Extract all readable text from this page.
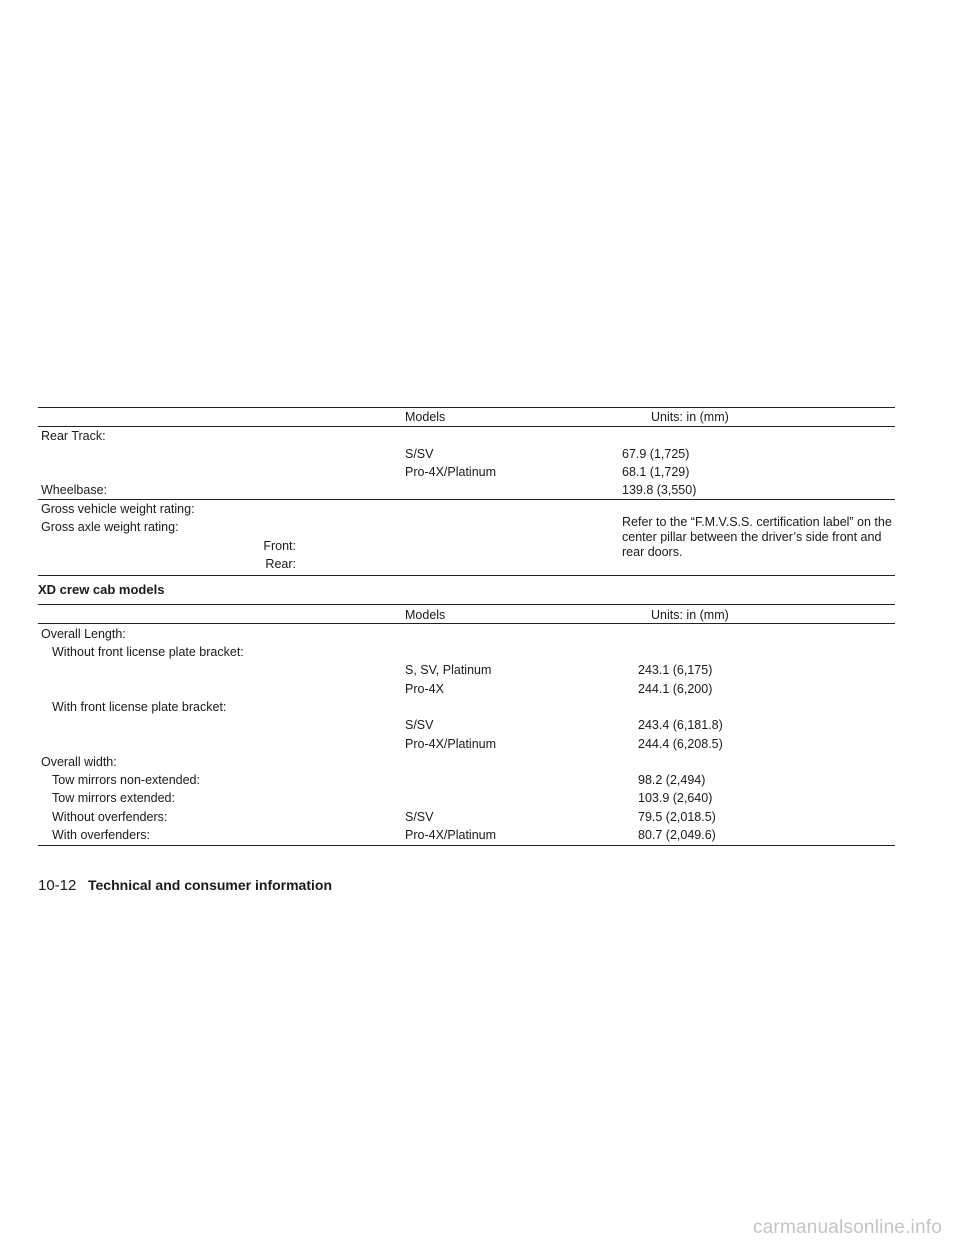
Models	Units: in (mm)
Rear Track:
S/SV	67.9 (1,725)
Pro-4X/Platinum	68.1 (1,729)
Wheelbase:	139.8 (3,550)
Gross vehicle weight rating:
Gross axle weight rating:
Front:
Rear:
Refer to the “F.M.V.S.S. certification label” on the center pillar between the driver’s side front and rear doors.
XD crew cab models
Models	Units: in (mm)
Overall Length:
Without front license plate bracket:
S, SV, Platinum	243.1 (6,175)
Pro-4X	244.1 (6,200)
With front license plate bracket:
S/SV	243.4 (6,181.8)
Pro-4X/Platinum	244.4 (6,208.5)
Overall width:
Tow mirrors non-extended:	98.2 (2,494)
Tow mirrors extended:	103.9 (2,640)
Without overfenders:	S/SV	79.5 (2,018.5)
With overfenders:	Pro-4X/Platinum	80.7 (2,049.6)
10-12 Technical and consumer information
carmanualsonline.info
